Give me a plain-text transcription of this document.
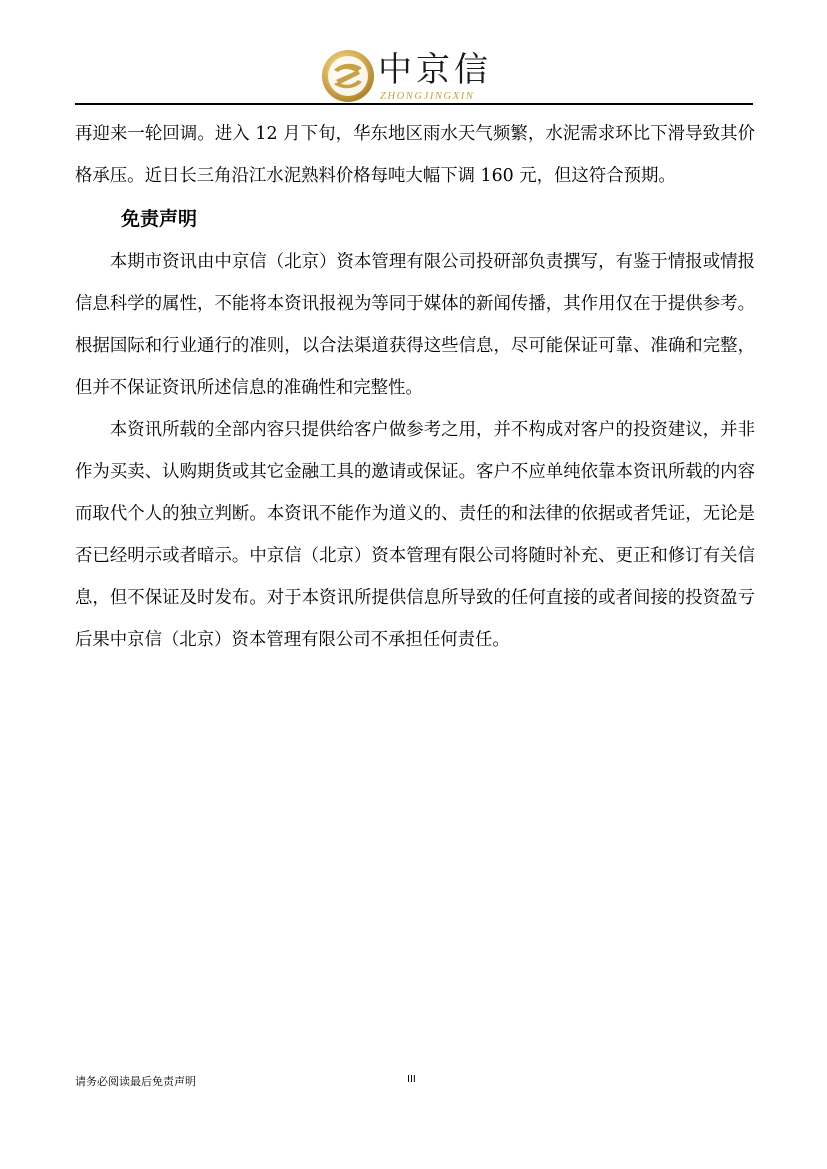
中京信
ZHONGJINGXIN

再迎来一轮回调。进入 12 月下旬，华东地区雨水天气频繁，水泥需求环比下滑导致其价格承压。近日长三角沿江水泥熟料价格每吨大幅下调 160 元，但这符合预期。

免责声明

本期市资讯由中京信（北京）资本管理有限公司投研部负责撰写，有鉴于情报或情报信息科学的属性，不能将本资讯报视为等同于媒体的新闻传播，其作用仅在于提供参考。根据国际和行业通行的准则，以合法渠道获得这些信息，尽可能保证可靠、准确和完整，但并不保证资讯所述信息的准确性和完整性。

本资讯所载的全部内容只提供给客户做参考之用，并不构成对客户的投资建议，并非作为买卖、认购期货或其它金融工具的邀请或保证。客户不应单纯依靠本资讯所载的内容而取代个人的独立判断。本资讯不能作为道义的、责任的和法律的依据或者凭证，无论是否已经明示或者暗示。中京信（北京）资本管理有限公司将随时补充、更正和修订有关信息，但不保证及时发布。对于本资讯所提供信息所导致的任何直接的或者间接的投资盈亏后果中京信（北京）资本管理有限公司不承担任何责任。

请务必阅读最后免责声明	III
